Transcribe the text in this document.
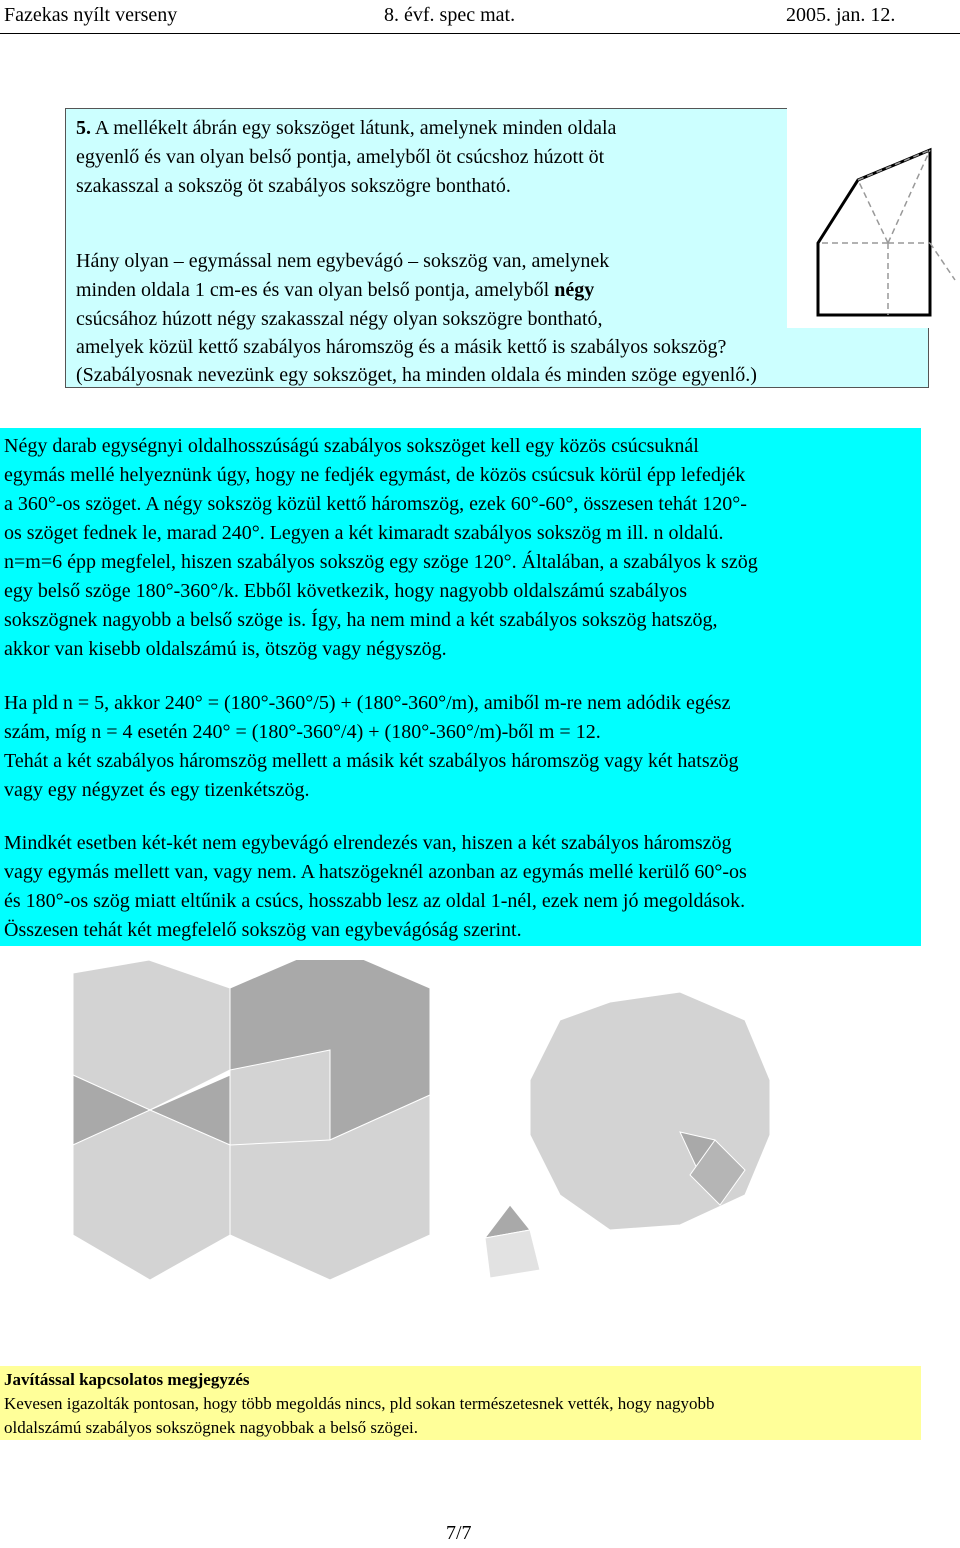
Fazekas nyílt verseny	8. évf. spec mat.	2005. jan. 12.
5. A mellékelt ábrán egy sokszöget látunk, amelynek minden oldala
egyenlő és van olyan belső pontja, amelyből öt csúcshoz húzott öt
szakasszal a sokszög öt szabályos sokszögre bontható.
Hány olyan – egymással nem egybevágó – sokszög van, amelynek
minden oldala 1 cm-es és van olyan belső pontja, amelyből négy
csúcsához húzott négy szakasszal négy olyan sokszögre bontható,
amelyek közül kettő szabályos háromszög és a másik kettő is szabályos sokszög?
(Szabályosnak nevezünk egy sokszöget, ha minden oldala és minden szöge egyenlő.)
Négy darab egységnyi oldalhosszúságú szabályos sokszöget kell egy közös csúcsuknál
egymás mellé helyeznünk úgy, hogy ne fedjék egymást, de közös csúcsuk körül épp lefedjék
a 360°-os szöget. A négy sokszög közül kettő háromszög, ezek 60°-60°, összesen tehát 120°-
os szöget fednek le, marad 240°. Legyen a két kimaradt szabályos sokszög m ill. n oldalú.
n=m=6 épp megfelel, hiszen szabályos sokszög egy szöge 120°. Általában, a szabályos k szög
egy belső szöge 180°-360°/k. Ebből következik, hogy nagyobb oldalszámú szabályos
sokszögnek nagyobb a belső szöge is. Így, ha nem mind a két szabályos sokszög hatszög,
akkor van kisebb oldalszámú is, ötszög vagy négyszög.
Ha pld n = 5, akkor 240° = (180°-360°/5) + (180°-360°/m), amiből m-re nem adódik egész
szám, míg n = 4 esetén 240° = (180°-360°/4) + (180°-360°/m)-ből m = 12.
Tehát a két szabályos háromszög mellett a másik két szabályos háromszög vagy két hatszög
vagy egy négyzet és egy tizenkétszög.
Mindkét esetben két-két nem egybevágó elrendezés van, hiszen a két szabályos háromszög
vagy egymás mellett van, vagy nem. A hatszögeknél azonban az egymás mellé kerülő 60°-os
és 180°-os szög miatt eltűnik a csúcs, hosszabb lesz az oldal 1-nél, ezek nem jó megoldások.
Összesen tehát két megfelelő sokszög van egybevágóság szerint.
Javítással kapcsolatos megjegyzés
Kevesen igazolták pontosan, hogy több megoldás nincs, pld sokan természetesnek vették, hogy nagyobb
oldalszámú szabályos sokszögnek nagyobbak a belső szögei.
7/7
